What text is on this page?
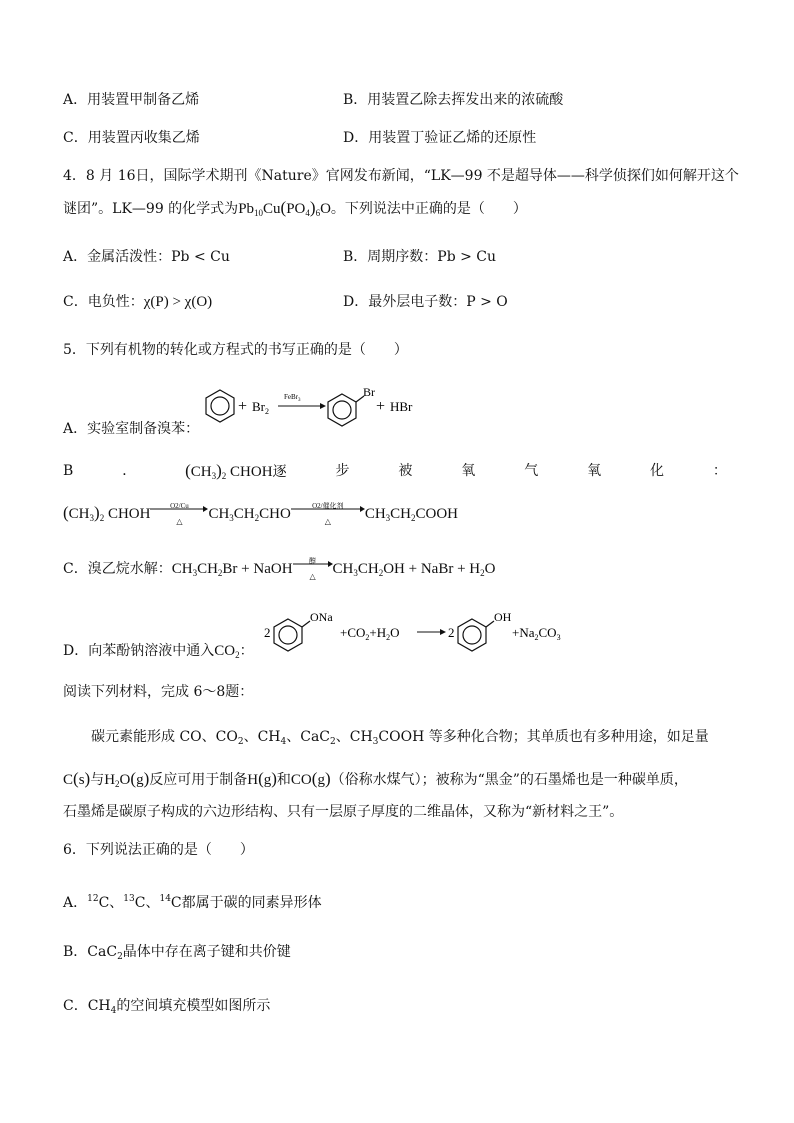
A．用装置甲制备乙烯	B．用装置乙除去挥发出来的浓硫酸
C．用装置丙收集乙烯	D．用装置丁验证乙烯的还原性
4．8 月 16日，国际学术期刊《Nature》官网发布新闻，“LK—99 不是超导体——科学侦探们如何解开这个
谜团”。LK—99 的化学式为$Pb_{10}Cu(PO_4)_6O$。下列说法中正确的是（　　）
A．金属活泼性：Pb < Cu	B．周期序数：Pb > Cu
C．电负性：χ(P) > χ(O)	D．最外层电子数：P > O
5．下列有机物的转化或方程式的书写正确的是（　　）
A．实验室制备溴苯：
+ $Br_2$
FeBr$_3$
Br
+ HBr
B	．	$(CH_3)_2$ CHOH逐	步	被	氧	气	氧	化	：
$(CH_3)_2$ CHOH	O2/Cu
△	$CH_3CH_2CHO$	O2/催化剂
△	$CH_3CH_2COOH$
C．溴乙烷水解：$CH_3CH_2Br$ + NaOH	醇
△	$CH_3CH_2OH$ + NaBr + $H_2O$
D．向苯酚钠溶液中通入$CO_2$：
2
ONa
$+CO_2+H_2O$	2
OH
$+Na_2CO_3$
阅读下列材料，完成 6～8题：
碳元素能形成 CO、$CO_2$、$CH_4$、CaC$_2$、$CH_3COOH$ 等多种化合物；其单质也有多种用途，如足量
C(s)与$H_2O(g)$反应可用于制备H(g)和CO(g)（俗称水煤气）；被称为“黑金”的石墨烯也是一种碳单质，
石墨烯是碳原子构成的六边形结构、只有一层原子厚度的二维晶体，又称为“新材料之王”。
6．下列说法正确的是（　　）
A．$^{12}$C、$^{13}$C、$^{14}$C都属于碳的同素异形体
B．CaC$_2$晶体中存在离子键和共价键
C．$CH_4$的空间填充模型如图所示
